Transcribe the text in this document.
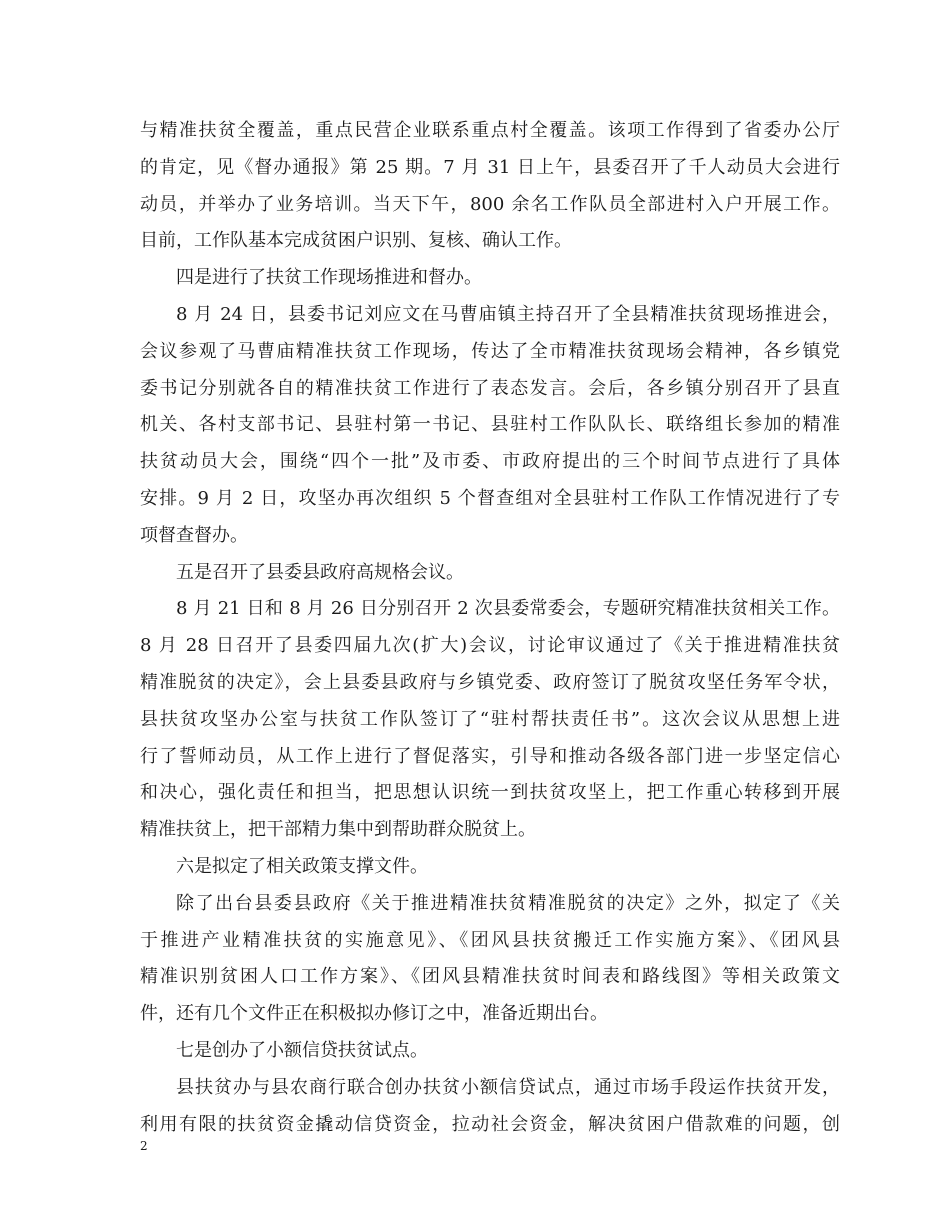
与精准扶贫全覆盖，重点民营企业联系重点村全覆盖。该项工作得到了省委办公厅
的肯定，见《督办通报》第 25 期。7 月 31 日上午，县委召开了千人动员大会进行
动员，并举办了业务培训。当天下午，800 余名工作队员全部进村入户开展工作。
目前，工作队基本完成贫困户识别、复核、确认工作。
四是进行了扶贫工作现场推进和督办。
8 月 24 日，县委书记刘应文在马曹庙镇主持召开了全县精准扶贫现场推进会，
会议参观了马曹庙精准扶贫工作现场，传达了全市精准扶贫现场会精神，各乡镇党
委书记分别就各自的精准扶贫工作进行了表态发言。会后，各乡镇分别召开了县直
机关、各村支部书记、县驻村第一书记、县驻村工作队队长、联络组长参加的精准
扶贫动员大会，围绕“四个一批”及市委、市政府提出的三个时间节点进行了具体
安排。9 月 2 日，攻坚办再次组织 5 个督查组对全县驻村工作队工作情况进行了专
项督查督办。
五是召开了县委县政府高规格会议。
8 月 21 日和 8 月 26 日分别召开 2 次县委常委会，专题研究精准扶贫相关工作。
8 月 28 日召开了县委四届九次(扩大)会议，讨论审议通过了《关于推进精准扶贫
精准脱贫的决定》，会上县委县政府与乡镇党委、政府签订了脱贫攻坚任务军令状，
县扶贫攻坚办公室与扶贫工作队签订了“驻村帮扶责任书”。这次会议从思想上进
行了誓师动员，从工作上进行了督促落实，引导和推动各级各部门进一步坚定信心
和决心，强化责任和担当，把思想认识统一到扶贫攻坚上，把工作重心转移到开展
精准扶贫上，把干部精力集中到帮助群众脱贫上。
六是拟定了相关政策支撑文件。
除了出台县委县政府《关于推进精准扶贫精准脱贫的决定》之外，拟定了《关
于推进产业精准扶贫的实施意见》、《团风县扶贫搬迁工作实施方案》、《团风县
精准识别贫困人口工作方案》、《团风县精准扶贫时间表和路线图》等相关政策文
件，还有几个文件正在积极拟办修订之中，准备近期出台。
七是创办了小额信贷扶贫试点。
县扶贫办与县农商行联合创办扶贫小额信贷试点，通过市场手段运作扶贫开发，
利用有限的扶贫资金撬动信贷资金，拉动社会资金，解决贫困户借款难的问题，创
2
